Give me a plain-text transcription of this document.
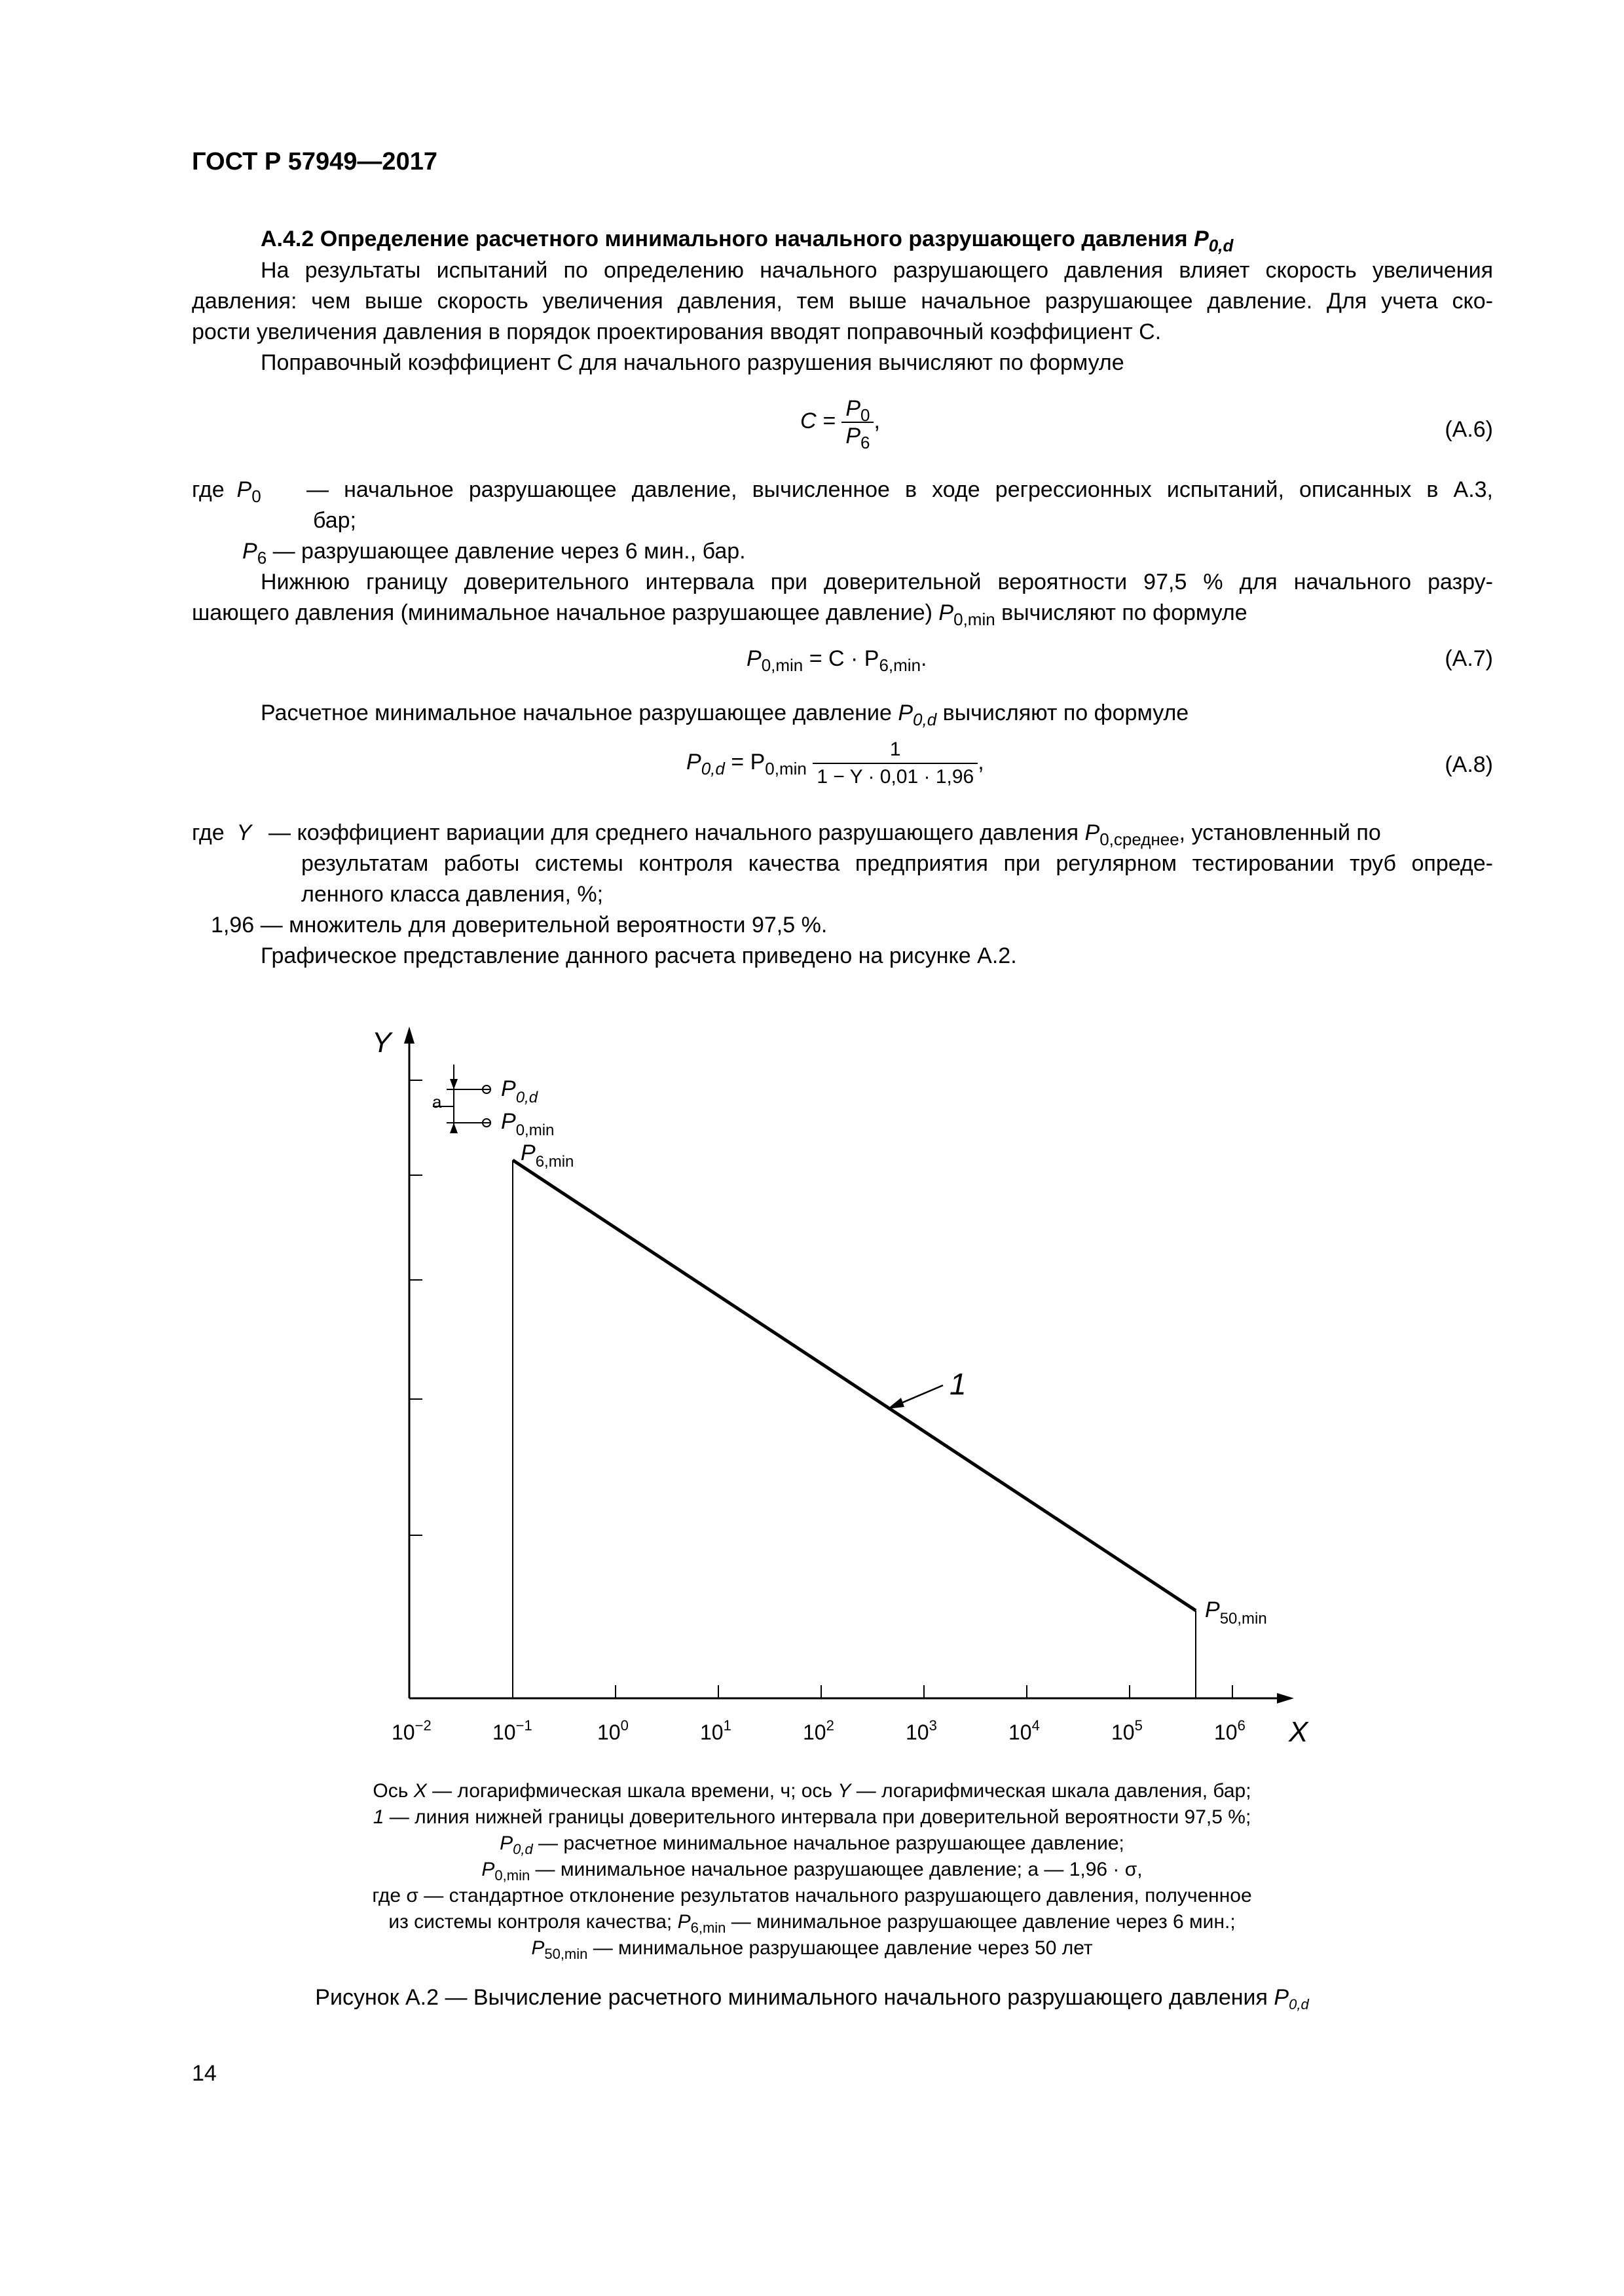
ГОСТ Р 57949—2017
А.4.2 Определение расчетного минимального начального разрушающего давления $P_{0,d}$
На результаты испытаний по определению начального разрушающего давления влияет скорость увеличения
давления: чем выше скорость увеличения давления, тем выше начальное разрушающее давление. Для учета ско-
рости увеличения давления в порядок проектирования вводят поправочный коэффициент C.
Поправочный коэффициент C для начального разрушения вычисляют по формуле
$C = \frac{P_0}{P_6}$ ,	(А.6)
где $P_0$ — начальное разрушающее давление, вычисленное в ходе регрессионных испытаний, описанных в А.3,
бар;
$P_6$ — разрушающее давление через 6 мин., бар.
Нижнюю границу доверительного интервала при доверительной вероятности 97,5 % для начального разру-
шающего давления (минимальное начальное разрушающее давление) $P_{0,min}$ вычисляют по формуле
$P_{0,min} = C \cdot P_{6,min}$.	(А.7)
Расчетное минимальное начальное разрушающее давление $P_{0,d}$ вычисляют по формуле
$P_{0,d} = P_{0,min} \frac{1}{1 - Y \cdot 0,01 \cdot 1,96}$ ,	(А.8)
где Y — коэффициент вариации для среднего начального разрушающего давления $P_{0,среднее}$, установленный по
результатам работы системы контроля качества предприятия при регулярном тестировании труб опреде-
ленного класса давления, %;
1,96 — множитель для доверительной вероятности 97,5 %.
Графическое представление данного расчета приведено на рисунке А.2.
Y
X
$10^{-2}$	$10^{-1}$	$10^0$	$10^1$	$10^2$	$10^3$	$10^4$	$10^5$	$10^6$
1
a
$P_{0,d}$
$P_{0,min}$
$P_{6,min}$
$P_{50,min}$
Ось X — логарифмическая шкала времени, ч; ось Y — логарифмическая шкала давления, бар;
1 — линия нижней границы доверительного интервала при доверительной вероятности 97,5 %;
$P_{0,d}$ — расчетное минимальное начальное разрушающее давление;
$P_{0,min}$ — минимальное начальное разрушающее давление; а — 1,96 · σ,
где σ — стандартное отклонение результатов начального разрушающего давления, полученное
из системы контроля качества; $P_{6,min}$ — минимальное разрушающее давление через 6 мин.;
$P_{50,min}$ — минимальное разрушающее давление через 50 лет
Рисунок А.2 — Вычисление расчетного минимального начального разрушающего давления $P_{0,d}$
14
